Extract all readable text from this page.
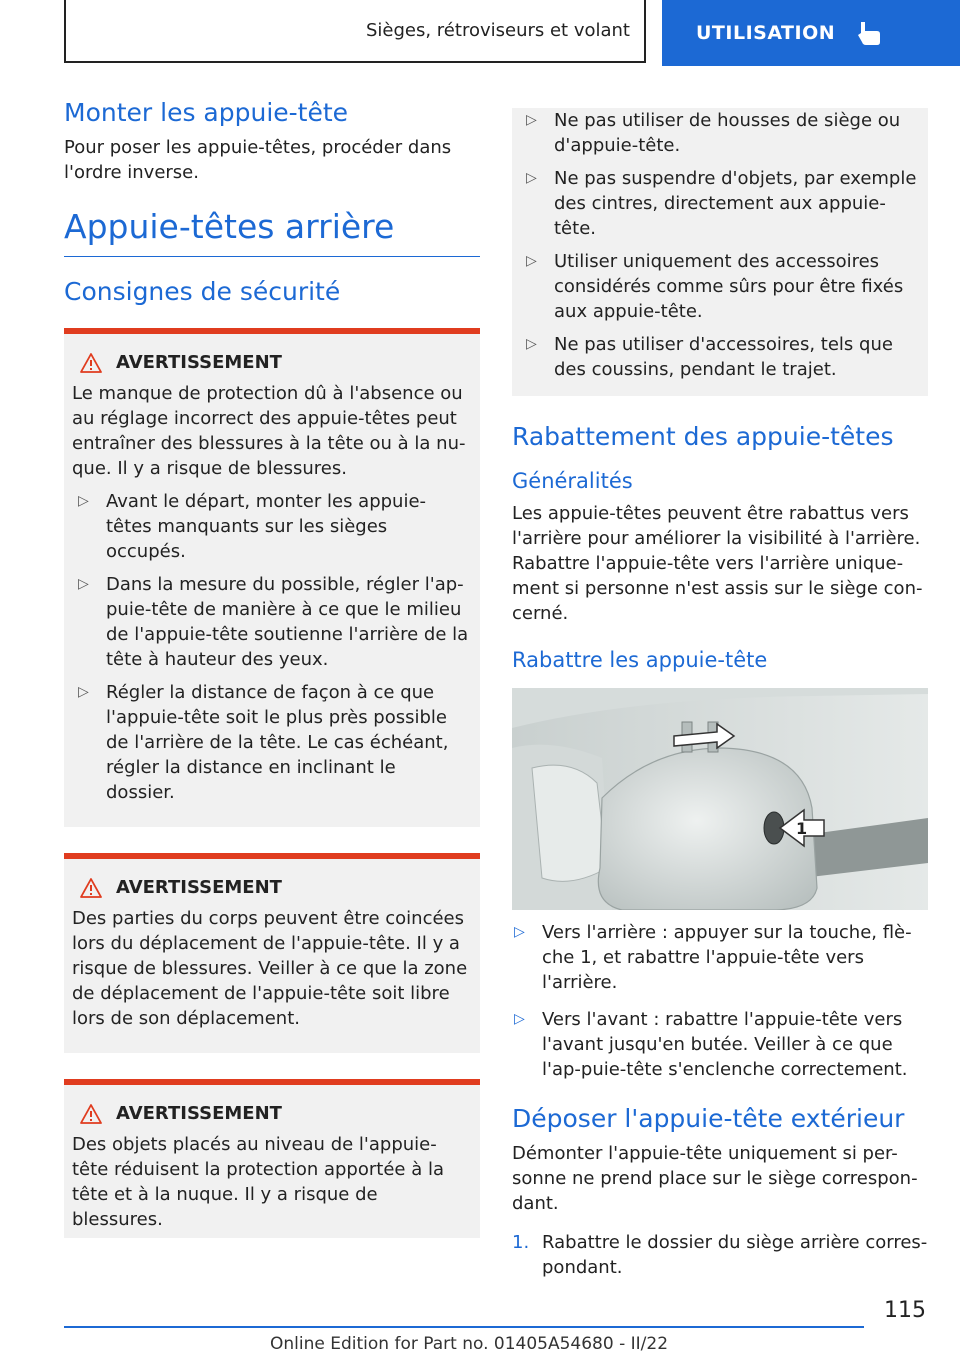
Sièges, rétroviseurs et volant	UTILISATION
Monter les appuie-tête

Pour poser les appuie-têtes, procéder dans l'ordre inverse.

Appuie-têtes arrière
Consignes de sécurité
AVERTISSEMENT

Le manque de protection dû à l'absence ou au réglage incorrect des appuie-têtes peut entraîner des blessures à la tête ou à la nu-que. Il y a risque de blessures.

▷ Avant le départ, monter les appuie-têtes manquants sur les sièges occupés.
▷ Dans la mesure du possible, régler l'ap-puie-tête de manière à ce que le milieu de l'appuie-tête soutienne l'arrière de la tête à hauteur des yeux.
▷ Régler la distance de façon à ce que l'appuie-tête soit le plus près possible de l'arrière de la tête. Le cas échéant, régler la distance en inclinant le dossier.
AVERTISSEMENT

Des parties du corps peuvent être coincées lors du déplacement de l'appuie-tête. Il y a risque de blessures. Veiller à ce que la zone de déplacement de l'appuie-tête soit libre lors de son déplacement.

AVERTISSEMENT

Des objets placés au niveau de l'appuie-tête réduisent la protection apportée à la tête et à la nuque. Il y a risque de blessures.

▷ Ne pas utiliser de housses de siège ou d'appuie-tête.
▷ Ne pas suspendre d'objets, par exemple des cintres, directement aux appuie-tête.
▷ Utiliser uniquement des accessoires considérés comme sûrs pour être fixés aux appuie-tête.
▷ Ne pas utiliser d'accessoires, tels que des coussins, pendant le trajet.
Rabattement des appuie-têtes
Généralités

Les appuie-têtes peuvent être rabattus vers l'arrière pour améliorer la visibilité à l'arrière. Rabattre l'appuie-tête vers l'arrière unique-ment si personne n'est assis sur le siège con-cerné.

Rabattre les appuie-tête
1
▷ Vers l'arrière : appuyer sur la touche, flè-che 1, et rabattre l'appuie-tête vers l'arrière.
▷ Vers l'avant : rabattre l'appuie-tête vers l'avant jusqu'en butée. Veiller à ce que l'ap-puie-tête s'enclenche correctement.
Déposer l'appuie-tête extérieur

Démonter l'appuie-tête uniquement si per-sonne ne prend place sur le siège correspon-dant.

1. Rabattre le dossier du siège arrière corres-pondant.
115
Online Edition for Part no. 01405A54680 - II/22
